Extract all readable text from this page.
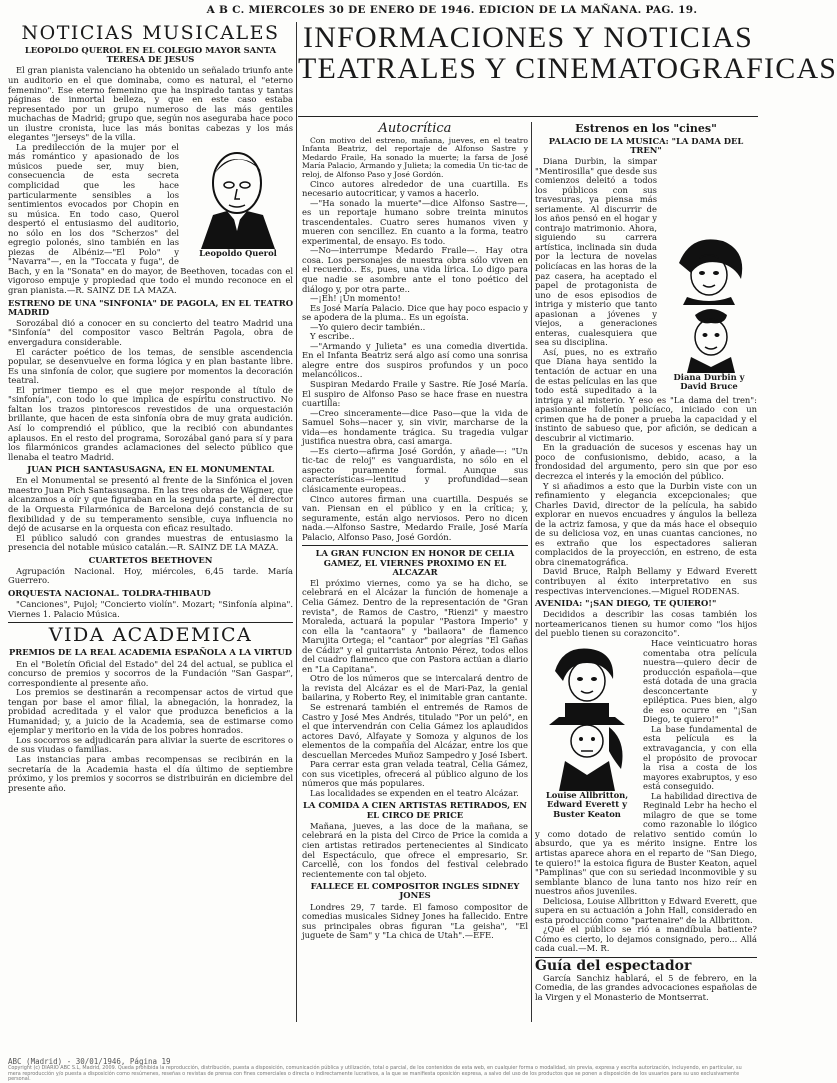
A B C. MIERCOLES 30 DE ENERO DE 1946. EDICION DE LA MAÑANA. PAG. 19.
NOTICIAS MUSICALES
LEOPOLDO QUEROL EN EL COLEGIO MAYOR SANTA TERESA DE JESUS

El gran pianista valenciano ha obtenido un señalado triunfo ante un auditorio en el que dominaba, como es natural, el "eterno femenino". Ese eterno femenino que ha inspirado tantas y tantas páginas de inmortal belleza, y que en este caso estaba representado por un grupo numeroso de las más gentiles muchachas de Madrid; grupo que, según nos aseguraba hace poco un ilustre cronista, luce las más bonitas cabezas y los más elegantes "jerseys" de la villa.

Leopoldo Querol

La predilección de la mujer por el más romántico y apasionado de los músicos puede ser, muy bien, consecuencia de esta secreta complicidad que les hace particularmente sensibles a los sentimientos evocados por Chopin en su música. En todo caso, Querol despertó el entusiasmo del auditorio, no sólo en los dos "Scherzos" del egregio polonés, sino también en las piezas de Albéniz—"El Polo" y "Navarra"—, en la "Toccata y fuga", de Bach, y en la "Sonata" en do mayor, de Beethoven, tocadas con el vigoroso empuje y propiedad que todo el mundo reconoce en el gran pianista.—R. SAINZ DE LA MAZA.

ESTRENO DE UNA "SINFONIA" DE PAGOLA, EN EL TEATRO MADRID

Sorozábal dió a conocer en su concierto del teatro Madrid una "Sinfonía" del compositor vasco Beltrán Pagola, obra de envergadura considerable.

El carácter poético de los temas, de sensible ascendencia popular, se desenvuelve en forma lógica y en plan bastante libre. Es una sinfonía de color, que sugiere por momentos la decoración teatral.

El primer tiempo es el que mejor responde al título de "sinfonía", con todo lo que implica de espíritu constructivo. No faltan los trazos pintorescos revestidos de una orquestación brillante, que hacen de esta sinfonía obra de muy grata audición. Así lo comprendió el público, que la recibió con abundantes aplausos. En el resto del programa, Sorozábal ganó para sí y para los filarmónicos grandes aclamaciones del selecto público que llenaba el teatro Madrid.

JUAN PICH SANTASUSAGNA, EN EL MONUMENTAL

En el Monumental se presentó al frente de la Sinfónica el joven maestro Juan Pich Santasusagna. En las tres obras de Wágner, que alcanzamos a oír y que figuraban en la segunda parte, el director de la Orquesta Filarmónica de Barcelona dejó constancia de su flexibilidad y de su temperamento sensible, cuya influencia no dejó de acusarse en la orquesta con eficaz resultado.

El público saludó con grandes muestras de entusiasmo la presencia del notable músico catalán.—R. SAINZ DE LA MAZA.

CUARTETOS BEETHOVEN

Agrupación Nacional. Hoy, miércoles, 6,45 tarde. María Guerrero.

ORQUESTA NACIONAL. TOLDRA-THIBAUD

"Canciones", Pujol; "Concierto violín". Mozart; "Sinfonía alpina". Viernes 1. Palacio Música.

VIDA ACADEMICA
PREMIOS DE LA REAL ACADEMIA ESPAÑOLA A LA VIRTUD

En el "Boletín Oficial del Estado" del 24 del actual, se publica el concurso de premios y socorros de la Fundación "San Gaspar", correspondiente al presente año.

Los premios se destinarán a recompensar actos de virtud que tengan por base el amor filial, la abnegación, la honradez, la probidad acreditada y el valor que produzca beneficios a la Humanidad; y, a juicio de la Academia, sea de estimarse como ejemplar y meritorio en la vida de los pobres honrados.

Los socorros se adjudicarán para aliviar la suerte de escritores o de sus viudas o familias.

Las instancias para ambas recompensas se recibirán en la secretaría de la Academia hasta el día último de septiembre próximo, y los premios y socorros se distribuirán en diciembre del presente año.

INFORMACIONES Y NOTICIAS
TEATRALES Y CINEMATOGRAFICAS
Autocrítica

Con motivo del estreno, mañana, jueves, en el teatro Infanta Beatriz, del reportaje de Alfonso Sastre y Medardo Fraile, Ha sonado la muerte; la farsa de José María Palacio, Armando y Julieta; la comedia Un tic-tac de reloj, de Alfonso Paso y José Gordón.

Cinco autores alrededor de una cuartilla. Es necesario autocriticar, y vamos a hacerlo.

—"Ha sonado la muerte"—dice Alfonso Sastre—, es un reportaje humano sobre treinta minutos trascendentales. Cuatro seres humanos viven y mueren con sencillez. En cuanto a la forma, teatro experimental, de ensayo. Es todo.

—No—interrumpe Medardo Fraile—. Hay otra cosa. Los personajes de nuestra obra sólo viven en el recuerdo.. Es, pues, una vida lírica. Lo digo para que nadie se asombre ante el tono poético del diálogo y, por otra parte..

—¡Eh! ¡Un momento!

Es José María Palacio. Dice que hay poco espacio y se apodera de la pluma.. Es un egoísta.

—Yo quiero decir también..

Y escribe..

—"Armando y Julieta" es una comedia divertida. En el Infanta Beatriz será algo así como una sonrisa alegre entre dos suspiros profundos y un poco melancólicos..

Suspiran Medardo Fraile y Sastre. Ríe José María. El suspiro de Alfonso Paso se hace frase en nuestra cuartilla:

—Creo sinceramente—dice Paso—que la vida de Samuel Sohs—nacer y, sin vivir, marcharse de la vida—es hondamente trágica. Su tragedia vulgar justifica nuestra obra, casi amarga.

—Es cierto—afirma José Gordón, y añade—: "Un tic-tac de reloj" es vanguardista, no sólo en el aspecto puramente formal. Aunque sus características—lentitud y profundidad—sean clásicamente europeas..

Cinco autores firman una cuartilla. Después se van. Piensan en el público y en la crítica; y, seguramente, están algo nerviosos. Pero no dicen nada.—Alfonso Sastre, Medardo Fraile, José María Palacio, Alfonso Paso, José Gordón.

LA GRAN FUNCION EN HONOR DE CELIA GAMEZ, EL VIERNES PROXIMO EN EL ALCAZAR

El próximo viernes, como ya se ha dicho, se celebrará en el Alcázar la función de homenaje a Celia Gámez. Dentro de la representación de "Gran revista", de Ramos de Castro, "Rienzi" y maestro Moraleda, actuará la popular "Pastora Imperio" y con ella la "cantaora" y "bailaora" de flamenco Marujita Ortega; el "cantaor" por alegrías "El Gañas de Cádiz" y el guitarrista Antonio Pérez, todos ellos del cuadro flamenco que con Pastora actúan a diario en "La Capitana".

Otro de los números que se intercalará dentro de la revista del Alcázar es el de Mari-Paz, la genial bailarina, y Roberto Rey, el inimitable gran cantante.

Se estrenará también el entremés de Ramos de Castro y José Mes Andrés, titulado "Por un peló", en el que intervendrán con Celia Gámez los aplaudidos actores Davó, Alfayate y Somoza y algunos de los elementos de la compañía del Alcázar, entre los que descuellan Mercedes Muñoz Sampedro y José Isbert.

Para cerrar esta gran velada teatral, Celia Gámez, con sus vicetiples, ofrecerá al público alguno de los números que más populares.

Las localidades se expenden en el teatro Alcázar.

LA COMIDA A CIEN ARTISTAS RETIRADOS, EN EL CIRCO DE PRICE

Mañana, jueves, a las doce de la mañana, se celebrará en la pista del Circo de Price la comida a cien artistas retirados pertenecientes al Sindicato del Espectáculo, que ofrece el empresario, Sr. Carcellé, con los fondos del festival celebrado recientemente con tal objeto.

FALLECE EL COMPOSITOR INGLES SIDNEY JONES

Londres 29, 7 tarde. El famoso compositor de comedias musicales Sidney Jones ha fallecido. Entre sus principales obras figuran "La geisha", "El juguete de Sam" y "La chica de Utah".—EFE.

Estrenos en los "cines"
PALACIO DE LA MUSICA: "LA DAMA DEL TREN"
Diana Durbin y David Bruce

Diana Durbin, la simpar "Mentirosilla" que desde sus comienzos deleitó a todos los públicos con sus travesuras, ya piensa más seriamente. Al discurrir de los años pensó en el hogar y contrajo matrimonio. Ahora, siguiendo su carrera artística, inclinada sin duda por la lectura de novelas policíacas en las horas de la paz casera, ha aceptado el papel de protagonista de uno de esos episodios de intriga y misterio que tanto apasionan a jóvenes y viejos, a generaciones enteras, cualesquiera que sea su disciplina.

Así, pues, no es extraño que Diana haya sentido la tentación de actuar en una de estas películas en las que todo está supeditado a la intriga y al misterio. Y eso es "La dama del tren": apasionante folletín policíaco, iniciado con un crimen que ha de poner a prueba la capacidad y el instinto de sabueso que, por afición, se dedican a descubrir al victimario.

En la graduación de sucesos y escenas hay un poco de confusionismo, debido, acaso, a la frondosidad del argumento, pero sin que por eso decrezca el interés y la emoción del público.

Y si añadimos a esto que la Durbin viste con un refinamiento y elegancia excepcionales; que Charles David, director de la película, ha sabido explorar en nuevos encuadres y ángulos la belleza de la actriz famosa, y que da más hace el obsequio de su deliciosa voz, en unas cuantas canciones, no es extraño que los espectadores salieran complacidos de la proyección, en estreno, de esta obra cinematográfica.

David Bruce, Ralph Bellamy y Edward Everett contribuyen al éxito interpretativo en sus respectivas intervenciones.—Miguel RODENAS.

AVENIDA: "¡SAN DIEGO, TE QUIERO!"

Decididos a describir las cosas también los norteamericanos tienen su humor como "los hijos del pueblo tienen su corazoncito".

Louise Allbritton, Edward Everett y Buster Keaton

Hace veinticuatro horas comentaba otra película nuestra—quiero decir de producción española—que está dotada de una gracia desconcertante y epiléptica. Pues bien, algo de eso ocurre en "¡San Diego, te quiero!"

La base fundamental de esta película es la extravagancia, y con ella el propósito de provocar la risa a costa de los mayores exabruptos, y eso está conseguido.

La habilidad directiva de Reginald Lebr ha hecho el milagro de que se tome como razonable lo ilógico y como dotado de relativo sentido común lo absurdo, que ya es mérito insigne. Entre los artistas aparece ahora en el reparto de "San Diego, te quiero!" la estoica figura de Buster Keaton, aquel "Pamplinas" que con su seriedad inconmovible y su semblante blanco de luna tanto nos hizo reír en nuestros años juveniles.

Deliciosa, Louise Allbritton y Edward Everett, que supera en su actuación a John Hall, considerado en esta producción como "partenaire" de la Allbritton.

¿Qué el público se rió a mandíbula batiente? Cómo es cierto, lo dejamos consignado, pero... Allá cada cual.—M. R.

Guía del espectador

García Sanchiz hablará, el 5 de febrero, en la Comedia, de las grandes advocaciones españolas de la Virgen y el Monasterio de Montserrat.

ABC (Madrid) - 30/01/1946, Página 19
Copyright (c) DIARIO ABC S.L, Madrid, 2009. Queda prohibida la reproducción, distribución, puesta a disposición, comunicación pública y utilización, total o parcial, de los contenidos de esta web, en cualquier forma o modalidad, sin previa, expresa y escrita autorización, incluyendo, en particular, su mera reproducción y/o puesta a disposición como resúmenes, reseñas o revistas de prensa con fines comerciales o directa o indirectamente lucrativos, a la que se manifiesta oposición expresa, a salvo del uso de los productos que se ponen a disposición de los usuarios para su uso exclusivamente personal.
